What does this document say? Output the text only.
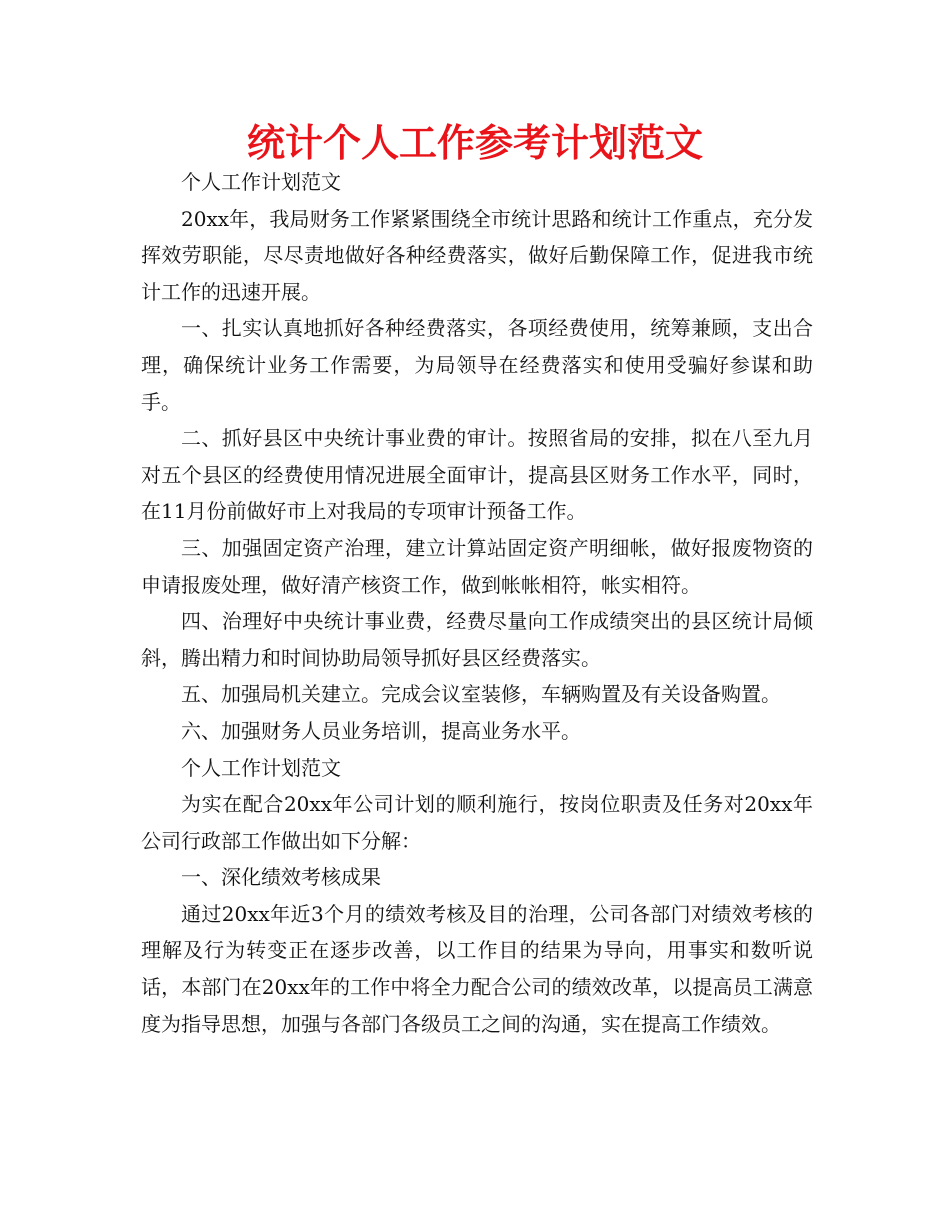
统计个人工作参考计划范文

个人工作计划范文

20xx年，我局财务工作紧紧围绕全市统计思路和统计工作重点，充分发挥效劳职能，尽尽责地做好各种经费落实，做好后勤保障工作，促进我市统计工作的迅速开展。

一、扎实认真地抓好各种经费落实，各项经费使用，统筹兼顾，支出合理，确保统计业务工作需要，为局领导在经费落实和使用受骗好参谋和助手。

二、抓好县区中央统计事业费的审计。按照省局的安排，拟在八至九月对五个县区的经费使用情况进展全面审计，提高县区财务工作水平，同时，在11月份前做好市上对我局的专项审计预备工作。

三、加强固定资产治理，建立计算站固定资产明细帐，做好报废物资的申请报废处理，做好清产核资工作，做到帐帐相符，帐实相符。

四、治理好中央统计事业费，经费尽量向工作成绩突出的县区统计局倾斜，腾出精力和时间协助局领导抓好县区经费落实。

五、加强局机关建立。完成会议室装修，车辆购置及有关设备购置。

六、加强财务人员业务培训，提高业务水平。

个人工作计划范文

为实在配合20xx年公司计划的顺利施行，按岗位职责及任务对20xx年公司行政部工作做出如下分解：

一、深化绩效考核成果

通过20xx年近3个月的绩效考核及目的治理，公司各部门对绩效考核的理解及行为转变正在逐步改善，以工作目的结果为导向，用事实和数听说话，本部门在20xx年的工作中将全力配合公司的绩效改革，以提高员工满意度为指导思想，加强与各部门各级员工之间的沟通，实在提高工作绩效。
